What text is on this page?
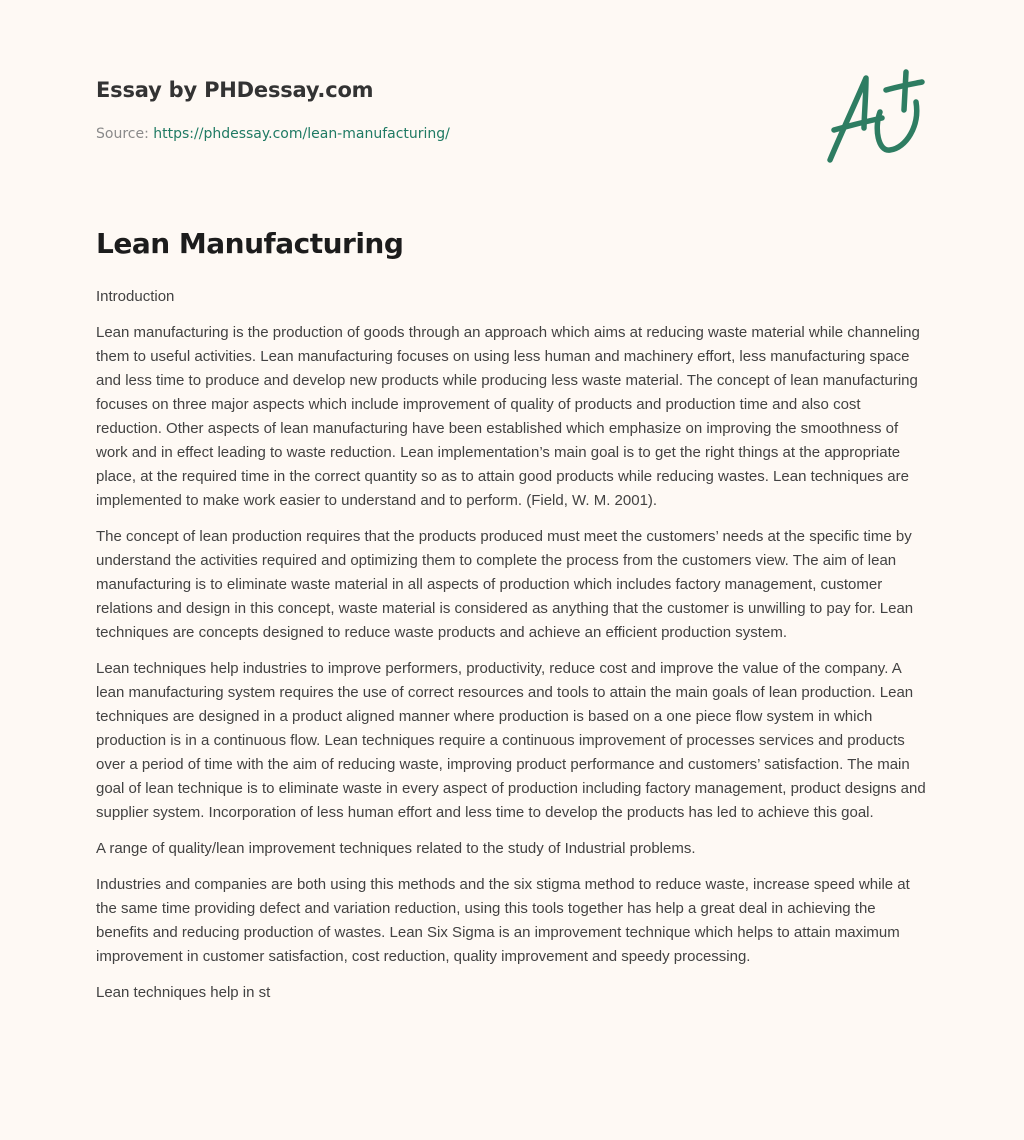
Essay by PHDessay.com
Source: https://phdessay.com/lean-manufacturing/
Lean Manufacturing

Introduction

Lean manufacturing is the production of goods through an approach which aims at reducing waste material while channeling them to useful activities. Lean manufacturing focuses on using less human and machinery effort, less manufacturing space and less time to produce and develop new products while producing less waste material. The concept of lean manufacturing focuses on three major aspects which include improvement of quality of products and production time and also cost reduction. Other aspects of lean manufacturing have been established which emphasize on improving the smoothness of work and in effect leading to waste reduction. Lean implementation’s main goal is to get the right things at the appropriate place, at the required time in the correct quantity so as to attain good products while reducing wastes. Lean techniques are implemented to make work easier to understand and to perform. (Field, W. M. 2001).

The concept of lean production requires that the products produced must meet the customers’ needs at the specific time by understand the activities required and optimizing them to complete the process from the customers view. The aim of lean manufacturing is to eliminate waste material in all aspects of production which includes factory management, customer relations and design in this concept, waste material is considered as anything that the customer is unwilling to pay for. Lean techniques are concepts designed to reduce waste products and achieve an efficient production system.

Lean techniques help industries to improve performers, productivity, reduce cost and improve the value of the company. A lean manufacturing system requires the use of correct resources and tools to attain the main goals of lean production. Lean techniques are designed in a product aligned manner where production is based on a one piece flow system in which production is in a continuous flow. Lean techniques require a continuous improvement of processes services and products over a period of time with the aim of reducing waste, improving product performance and customers’ satisfaction. The main goal of lean technique is to eliminate waste in every aspect of production including factory management, product designs and supplier system. Incorporation of less human effort and less time to develop the products has led to achieve this goal.

A range of quality/lean improvement techniques related to the study of Industrial problems.

Industries and companies are both using this methods and the six stigma method to reduce waste, increase speed while at the same time providing defect and variation reduction, using this tools together has help a great deal in achieving the benefits and reducing production of wastes. Lean Six Sigma is an improvement technique which helps to attain maximum improvement in customer satisfaction, cost reduction, quality improvement and speedy processing.

Lean techniques help in st
